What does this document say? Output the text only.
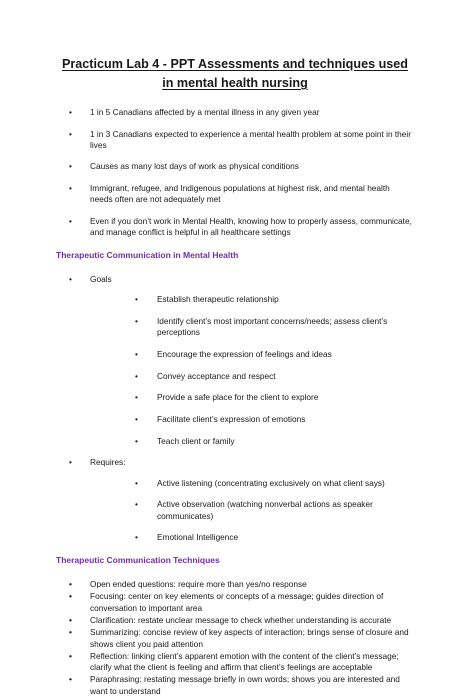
Practicum Lab 4 - PPT Assessments and techniques used in mental health nursing
• 1 in 5 Canadians affected by a mental illness in any given year
• 1 in 3 Canadians expected to experience a mental health problem at some point in their lives
• Causes as many lost days of work as physical conditions
• Immigrant, refugee, and Indigenous populations at highest risk, and mental health needs often are not adequately met
• Even if you don’t work in Mental Health, knowing how to properly assess, communicate, and manage conflict is helpful in all healthcare settings
Therapeutic Communication in Mental Health
• Goals
• Establish therapeutic relationship
• Identify client’s most important concerns/needs; assess client’s perceptions
• Encourage the expression of feelings and ideas
• Convey acceptance and respect
• Provide a safe place for the client to explore
• Facilitate client’s expression of emotions
• Teach client or family
• Requires:
• Active listening (concentrating exclusively on what client says)
• Active observation (watching nonverbal actions as speaker communicates)
• Emotional Intelligence
Therapeutic Communication Techniques
• Open ended questions: require more than yes/no response
• Focusing: center on key elements or concepts of a message; guides direction of conversation to important area
• Clarification: restate unclear message to check whether understanding is accurate
• Summarizing: concise review of key aspects of interaction; brings sense of closure and shows client you paid attention
• Reflection: linking client’s apparent emotion with the content of the client’s message; clarify what the client is feeling and affirm that client’s feelings are acceptable
• Paraphrasing: restating message briefly in own words; shows you are interested and want to understand
